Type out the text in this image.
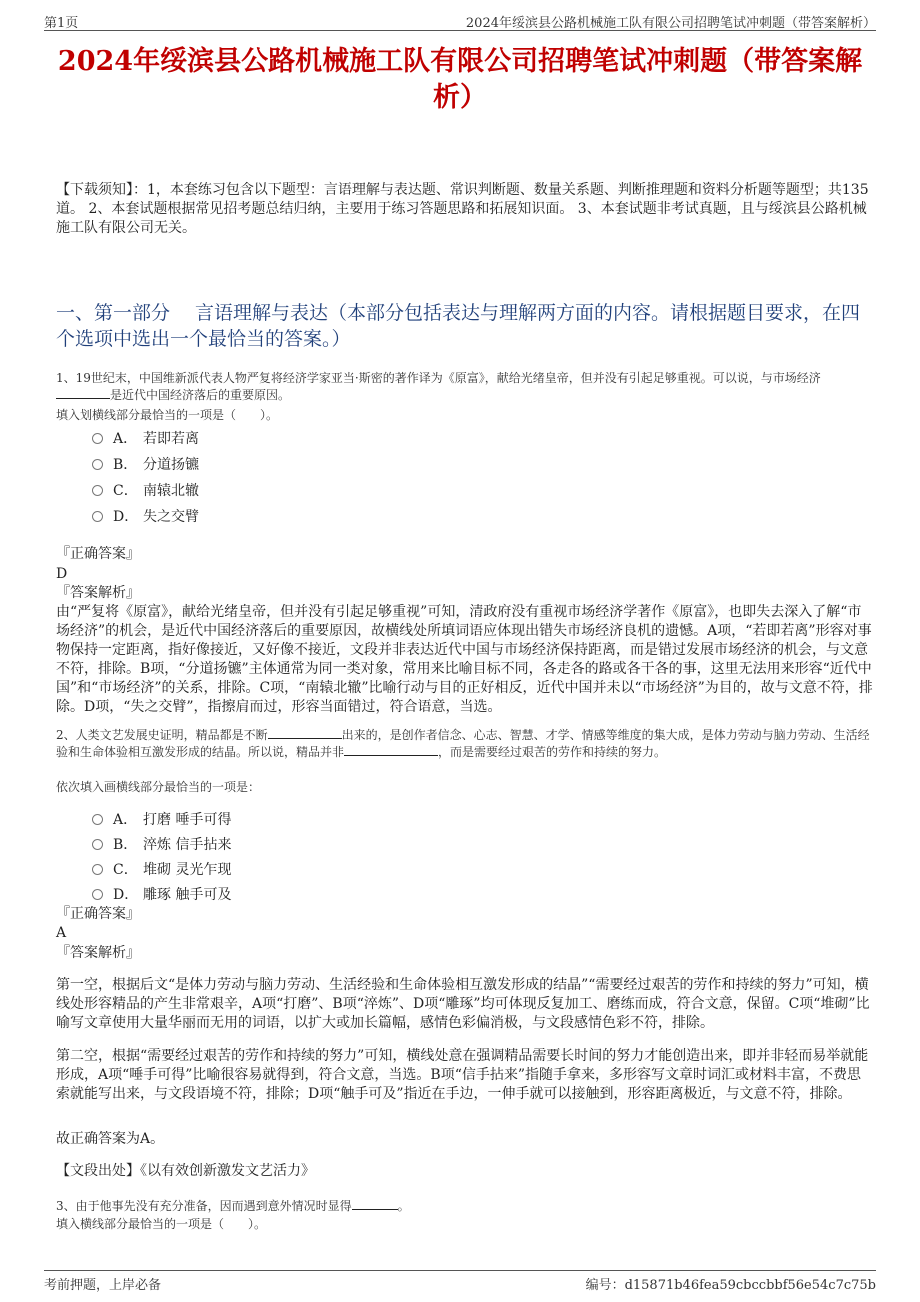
第1页	2024年绥滨县公路机械施工队有限公司招聘笔试冲刺题（带答案解析）
2024年绥滨县公路机械施工队有限公司招聘笔试冲刺题（带答案解析）
【下载须知】：1，本套练习包含以下题型：言语理解与表达题、常识判断题、数量关系题、判断推理题和资料分析题等题型；共135道。 2、本套试题根据常见招考题总结归纳，主要用于练习答题思路和拓展知识面。 3、本套试题非考试真题，且与绥滨县公路机械施工队有限公司无关。
一、第一部分　 言语理解与表达（本部分包括表达与理解两方面的内容。请根据题目要求，在四个选项中选出一个最恰当的答案。）
1、19世纪末，中国维新派代表人物严复将经济学家亚当·斯密的著作译为《原富》，献给光绪皇帝，但并没有引起足够重视。可以说，与市场经济是近代中国经济落后的重要原因。
填入划横线部分最恰当的一项是（　　）。
A． 若即若离
B． 分道扬镳
C． 南辕北辙
D． 失之交臂
『正确答案』
D
『答案解析』
由“严复将《原富》，献给光绪皇帝，但并没有引起足够重视”可知，清政府没有重视市场经济学著作《原富》，也即失去深入了解“市场经济”的机会，是近代中国经济落后的重要原因，故横线处所填词语应体现出错失市场经济良机的遗憾。A项，“若即若离”形容对事物保持一定距离，指好像接近，又好像不接近，文段并非表达近代中国与市场经济保持距离，而是错过发展市场经济的机会，与文意不符，排除。B项，“分道扬镳”主体通常为同一类对象，常用来比喻目标不同，各走各的路或各干各的事，这里无法用来形容“近代中国”和“市场经济”的关系，排除。C项，“南辕北辙”比喻行动与目的正好相反，近代中国并未以“市场经济”为目的，故与文意不符，排除。D项，“失之交臂”，指擦肩而过，形容当面错过，符合语意，当选。
2、人类文艺发展史证明，精品都是不断	出来的，是创作者信念、心志、智慧、才学、情感等维度的集大成，是体力劳动与脑力劳动、生活经验和生命体验相互激发形成的结晶。所以说，精品并非	，而是需要经过艰苦的劳作和持续的努力。
依次填入画横线部分最恰当的一项是：
A． 打磨 唾手可得
B． 淬炼 信手拈来
C． 堆砌 灵光乍现
D． 雕琢 触手可及
『正确答案』
A
『答案解析』
第一空，根据后文“是体力劳动与脑力劳动、生活经验和生命体验相互激发形成的结晶”“需要经过艰苦的劳作和持续的努力”可知，横线处形容精品的产生非常艰辛，A项“打磨”、B项“淬炼”、D项“雕琢”均可体现反复加工、磨练而成，符合文意，保留。C项“堆砌”比喻写文章使用大量华丽而无用的词语，以扩大或加长篇幅，感情色彩偏消极，与文段感情色彩不符，排除。
第二空，根据“需要经过艰苦的劳作和持续的努力”可知，横线处意在强调精品需要长时间的努力才能创造出来，即并非轻而易举就能形成，A项“唾手可得”比喻很容易就得到，符合文意，当选。B项“信手拈来”指随手拿来，多形容写文章时词汇或材料丰富，不费思索就能写出来，与文段语境不符，排除；D项“触手可及”指近在手边，一伸手就可以接触到，形容距离极近，与文意不符，排除。
故正确答案为A。
【文段出处】《以有效创新激发文艺活力》
3、由于他事先没有充分准备，因而遇到意外情况时显得	。
填入横线部分最恰当的一项是（　　）。
考前押题，上岸必备	编号：d15871b46fea59cbccbbf56e54c7c75b
